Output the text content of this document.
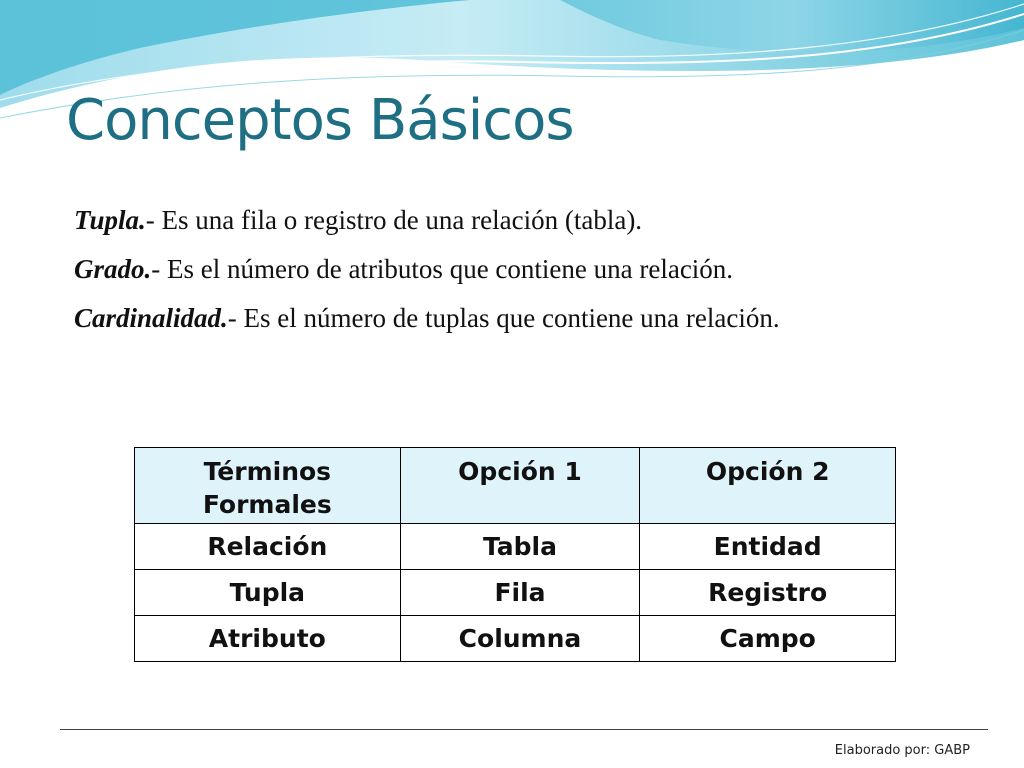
Conceptos Básicos

Tupla.- Es una fila o registro de una relación (tabla).

Grado.- Es el número de atributos que contiene una relación.

Cardinalidad.- Es el número de tuplas que contiene una relación.

Términos Formales	Opción 1	Opción 2
Relación	Tabla	Entidad
Tupla	Fila	Registro
Atributo	Columna	Campo
Elaborado por: GABP
